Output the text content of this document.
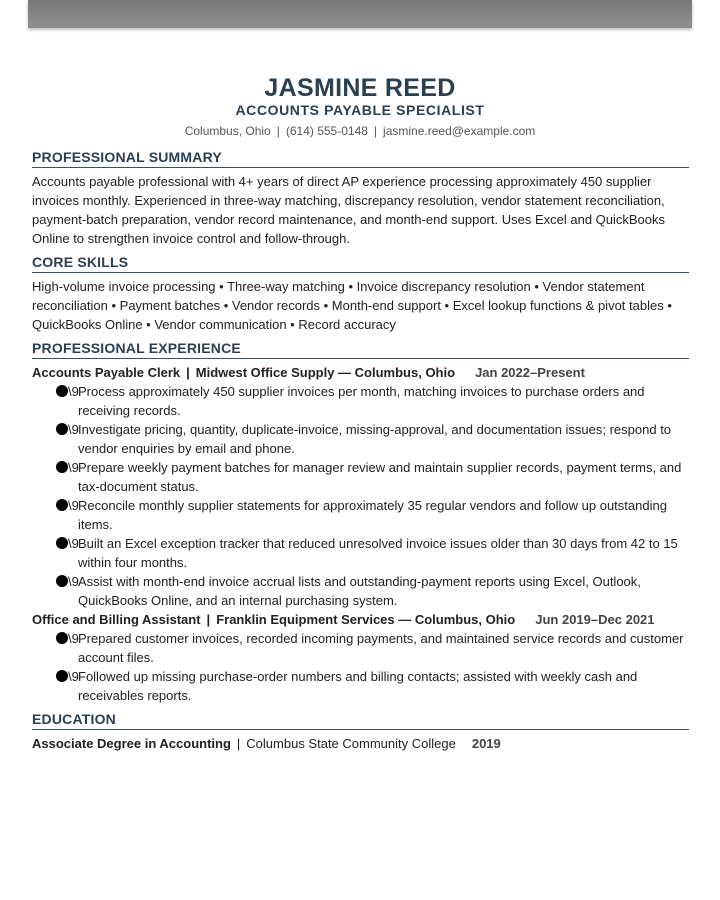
JASMINE REED
ACCOUNTS PAYABLE SPECIALIST
Columbus, Ohio | (614) 555-0148 | jasmine.reed@example.com
PROFESSIONAL SUMMARY

Accounts payable professional with 4+ years of direct AP experience processing approximately 450 supplier invoices monthly. Experienced in three-way matching, discrepancy resolution, vendor statement reconciliation, payment-batch preparation, vendor record maintenance, and month-end support. Uses Excel and QuickBooks Online to strengthen invoice control and follow-through.

CORE SKILLS

High-volume invoice processing • Three-way matching • Invoice discrepancy resolution • Vendor statement reconciliation • Payment batches • Vendor records • Month-end support • Excel lookup functions & pivot tables • QuickBooks Online • Vendor communication • Record accuracy

PROFESSIONAL EXPERIENCE
Accounts Payable Clerk | Midwest Office Supply — Columbus, Ohio Jan 2022–Present
\9 Process approximately 450 supplier invoices per month, matching invoices to purchase orders and receiving records.
\9 Investigate pricing, quantity, duplicate-invoice, missing-approval, and documentation issues; respond to vendor enquiries by email and phone.
\9 Prepare weekly payment batches for manager review and maintain supplier records, payment terms, and tax-document status.
\9 Reconcile monthly supplier statements for approximately 35 regular vendors and follow up outstanding items.
\9 Built an Excel exception tracker that reduced unresolved invoice issues older than 30 days from 42 to 15 within four months.
\9 Assist with month-end invoice accrual lists and outstanding-payment reports using Excel, Outlook, QuickBooks Online, and an internal purchasing system.
Office and Billing Assistant | Franklin Equipment Services — Columbus, Ohio Jun 2019–Dec 2021
\9 Prepared customer invoices, recorded incoming payments, and maintained service records and customer account files.
\9 Followed up missing purchase-order numbers and billing contacts; assisted with weekly cash and receivables reports.
EDUCATION
Associate Degree in Accounting | Columbus State Community College 2019
